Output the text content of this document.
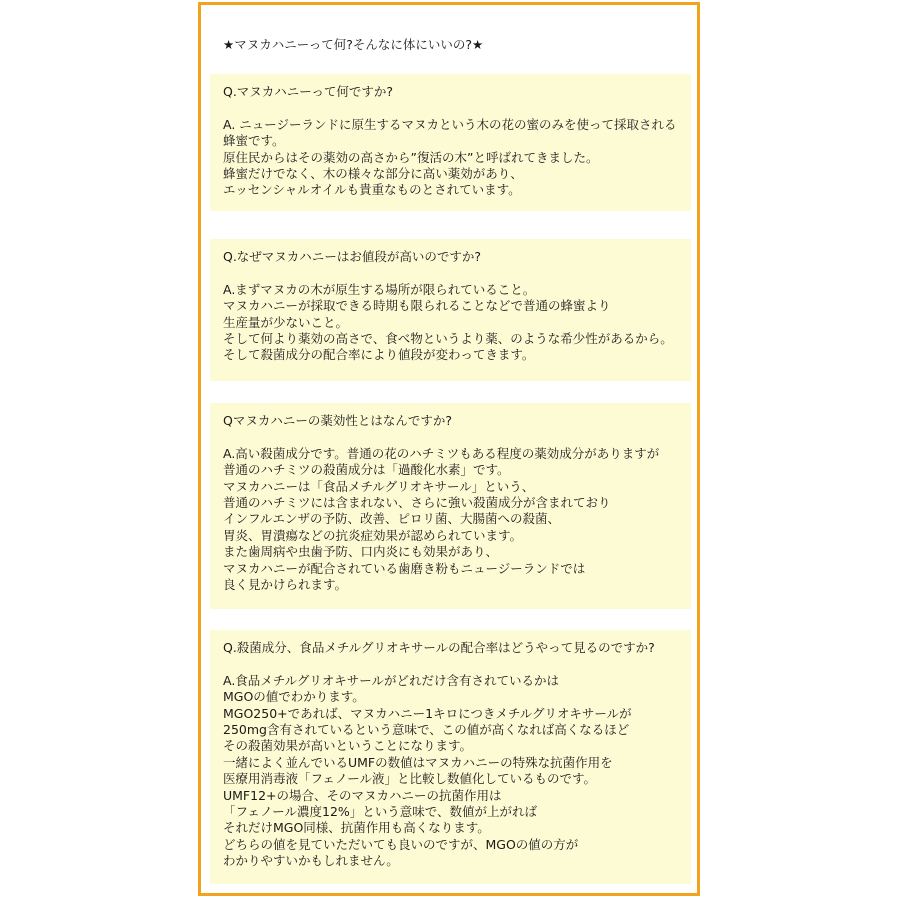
★マヌカハニーって何?そんなに体にいいの?★
Q.マヌカハニーって何ですか?
A. ニュージーランドに原生するマヌカという木の花の蜜のみを使って採取される
蜂蜜です。
原住民からはその薬効の高さから”復活の木”と呼ばれてきました。
蜂蜜だけでなく、木の様々な部分に高い薬効があり、
エッセンシャルオイルも貴重なものとされています。
Q.なぜマヌカハニーはお値段が高いのですか?
A.まずマヌカの木が原生する場所が限られていること。
マヌカハニーが採取できる時期も限られることなどで普通の蜂蜜より
生産量が少ないこと。
そして何より薬効の高さで、食べ物というより薬、のような希少性があるから。
そして殺菌成分の配合率により値段が変わってきます。
Qマヌカハニーの薬効性とはなんですか?
A.高い殺菌成分です。普通の花のハチミツもある程度の薬効成分がありますが
普通のハチミツの殺菌成分は「過酸化水素」です。
マヌカハニーは「食品メチルグリオキサール」という、
普通のハチミツには含まれない、さらに強い殺菌成分が含まれており
インフルエンザの予防、改善、ピロリ菌、大腸菌への殺菌、
胃炎、胃潰瘍などの抗炎症効果が認められています。
また歯周病や虫歯予防、口内炎にも効果があり、
マヌカハニーが配合されている歯磨き粉もニュージーランドでは
良く見かけられます。
Q.殺菌成分、食品メチルグリオキサールの配合率はどうやって見るのですか?
A.食品メチルグリオキサールがどれだけ含有されているかは
MGOの値でわかります。
MGO250+であれば、マヌカハニー1キロにつきメチルグリオキサールが
250mg含有されているという意味で、この値が高くなれば高くなるほど
その殺菌効果が高いということになります。
一緒によく並んでいるUMFの数値はマヌカハニーの特殊な抗菌作用を
医療用消毒液「フェノール液」と比較し数値化しているものです。
UMF12+の場合、そのマヌカハニーの抗菌作用は
「フェノール濃度12%」という意味で、数値が上がれば
それだけMGO同様、抗菌作用も高くなります。
どちらの値を見ていただいても良いのですが、MGOの値の方が
わかりやすいかもしれません。
